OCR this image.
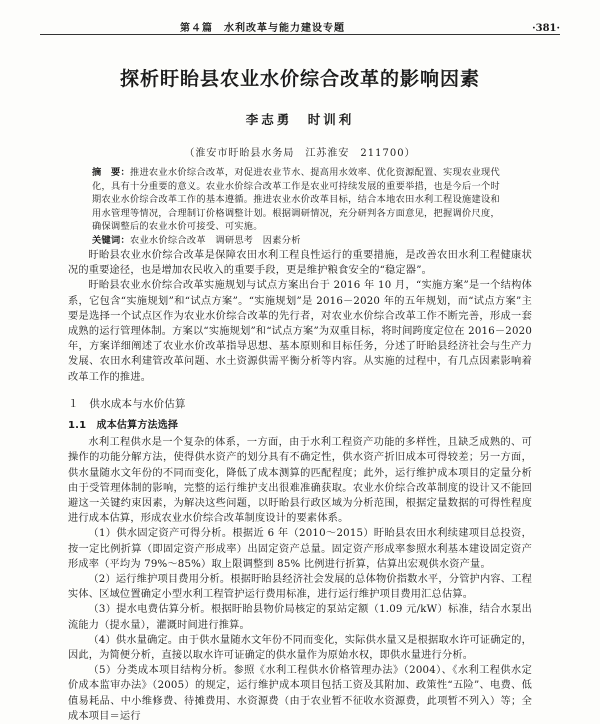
第４篇　水利改革与能力建设专题	·381·
探析盱眙县农业水价综合改革的影响因素
李志勇　时训利
（淮安市盱眙县水务局　江苏淮安　211700）
摘　要：推进农业水价综合改革，对促进农业节水、提高用水效率、优化资源配置、实现农业现代化，具有十分重要的意义。农业水价综合改革工作是农业可持续发展的重要举措，也是今后一个时期农业水价综合改革工作的基本遵循。推进农业水价改革目标，结合本地农田水利工程设施建设和用水管理等情况，合理制订价格调整计划。根据调研情况，充分研判各方面意见，把握调价尺度，确保调整后的农业水价可接受、可实施。
关键词：农业水价综合改革　调研思考　因素分析

盱眙县农业水价综合改革是保障农田水利工程良性运行的重要措施，是改善农田水利工程健康状况的重要途径，也是增加农民收入的重要手段，更是维护粮食安全的“稳定器”。

盱眙县农业水价综合改革实施规划与试点方案出台于 2016 年 10 月，“实施方案”是一个结构体系，它包含“实施规划”和“试点方案”。“实施规划”是 2016－2020 年的五年规划，而“试点方案”主要是选择一个试点区作为农业水价综合改革的先行者，对农业水价综合改革工作不断完善，形成一套成熟的运行管理体制。方案以“实施规划”和“试点方案”为双重目标，将时间跨度定位在 2016－2020 年，方案详细阐述了农业水价改革指导思想、基本原则和目标任务，分述了盱眙县经济社会与生产力发展、农田水利建管改革问题、水土资源供需平衡分析等内容。从实施的过程中，有几点因素影响着改革工作的推进。

１　供水成本与水价估算
1.1　成本估算方法选择

水利工程供水是一个复杂的体系，一方面，由于水利工程资产功能的多样性，且缺乏成熟的、可操作的功能分解方法，使得供水资产的划分具有不确定性，供水资产折旧成本可得较差；另一方面，供水量随水文年份的不同而变化，降低了成本测算的匹配程度；此外，运行维护成本项目的定量分析由于受管理体制的影响，完整的运行维护支出很难准确获取。农业水价综合改革制度的设计又不能回避这一关键约束因素，为解决这些问题，以盱眙县行政区域为分析范围，根据定量数据的可得性程度进行成本估算，形成农业水价综合改革制度设计的要素体系。

（1）供水固定资产可得分析。根据近 6 年（2010～2015）盱眙县农田水利续建项目总投资，按一定比例折算（即固定资产形成率）出固定资产总量。固定资产形成率参照水利基本建设固定资产形成率（平均为 79%～85%）取上限调整到 85% 比例进行折算，估算出宏观供水资产量。

（2）运行维护项目费用分析。根据盱眙县经济社会发展的总体物价指数水平，分管护内容、工程实体、区域位置确定小型水利工程管护运行费用标准，进行运行维护项目费用汇总估算。

（3）提水电费估算分析。根据盱眙县物价局核定的泵站定额（1.09 元/kW）标准，结合水泵出流能力（提水量），灌溉时间进行推算。

（4）供水量确定。由于供水量随水文年份不同而变化，实际供水量又是根据取水许可证确定的，因此，为简便分析，直接以取水许可证确定的供水量作为原始水权，即供水量进行分析。

（5）分类成本项目结构分析。参照《水利工程供水价格管理办法》（2004）、《水利工程供水定价成本监审办法》（2005）的规定，运行维护成本项目包括工资及其附加、政策性“五险”、电费、低值易耗品、中小维修费、待摊费用、水资源费（由于农业暂不征收水资源费，此项暂不列入）等；全成本项目＝运行
